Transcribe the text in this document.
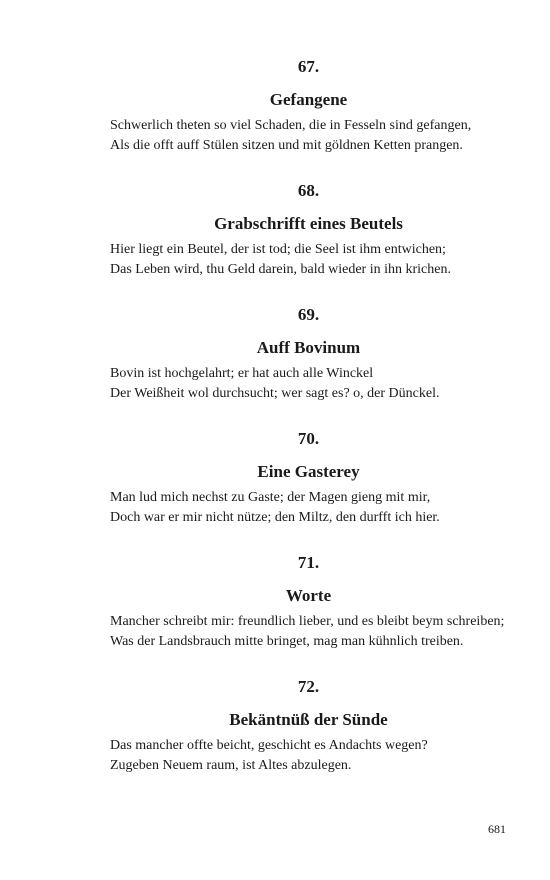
67.
Gefangene
Schwerlich theten so viel Schaden, die in Fesseln sind gefangen,
Als die offt auff Stülen sitzen und mit göldnen Ketten prangen.
68.
Grabschrifft eines Beutels
Hier liegt ein Beutel, der ist tod; die Seel ist ihm entwichen;
Das Leben wird, thu Geld darein, bald wieder in ihn krichen.
69.
Auff Bovinum
Bovin ist hochgelahrt; er hat auch alle Winckel
Der Weißheit wol durchsucht; wer sagt es? o, der Dünckel.
70.
Eine Gasterey
Man lud mich nechst zu Gaste; der Magen gieng mit mir,
Doch war er mir nicht nütze; den Miltz, den durfft ich hier.
71.
Worte
Mancher schreibt mir: freundlich lieber, und es bleibt beym schreiben;
Was der Landsbrauch mitte bringet, mag man kühnlich treiben.
72.
Bekäntnüß der Sünde
Das mancher offte beicht, geschicht es Andachts wegen?
Zugeben Neuem raum, ist Altes abzulegen.
681
